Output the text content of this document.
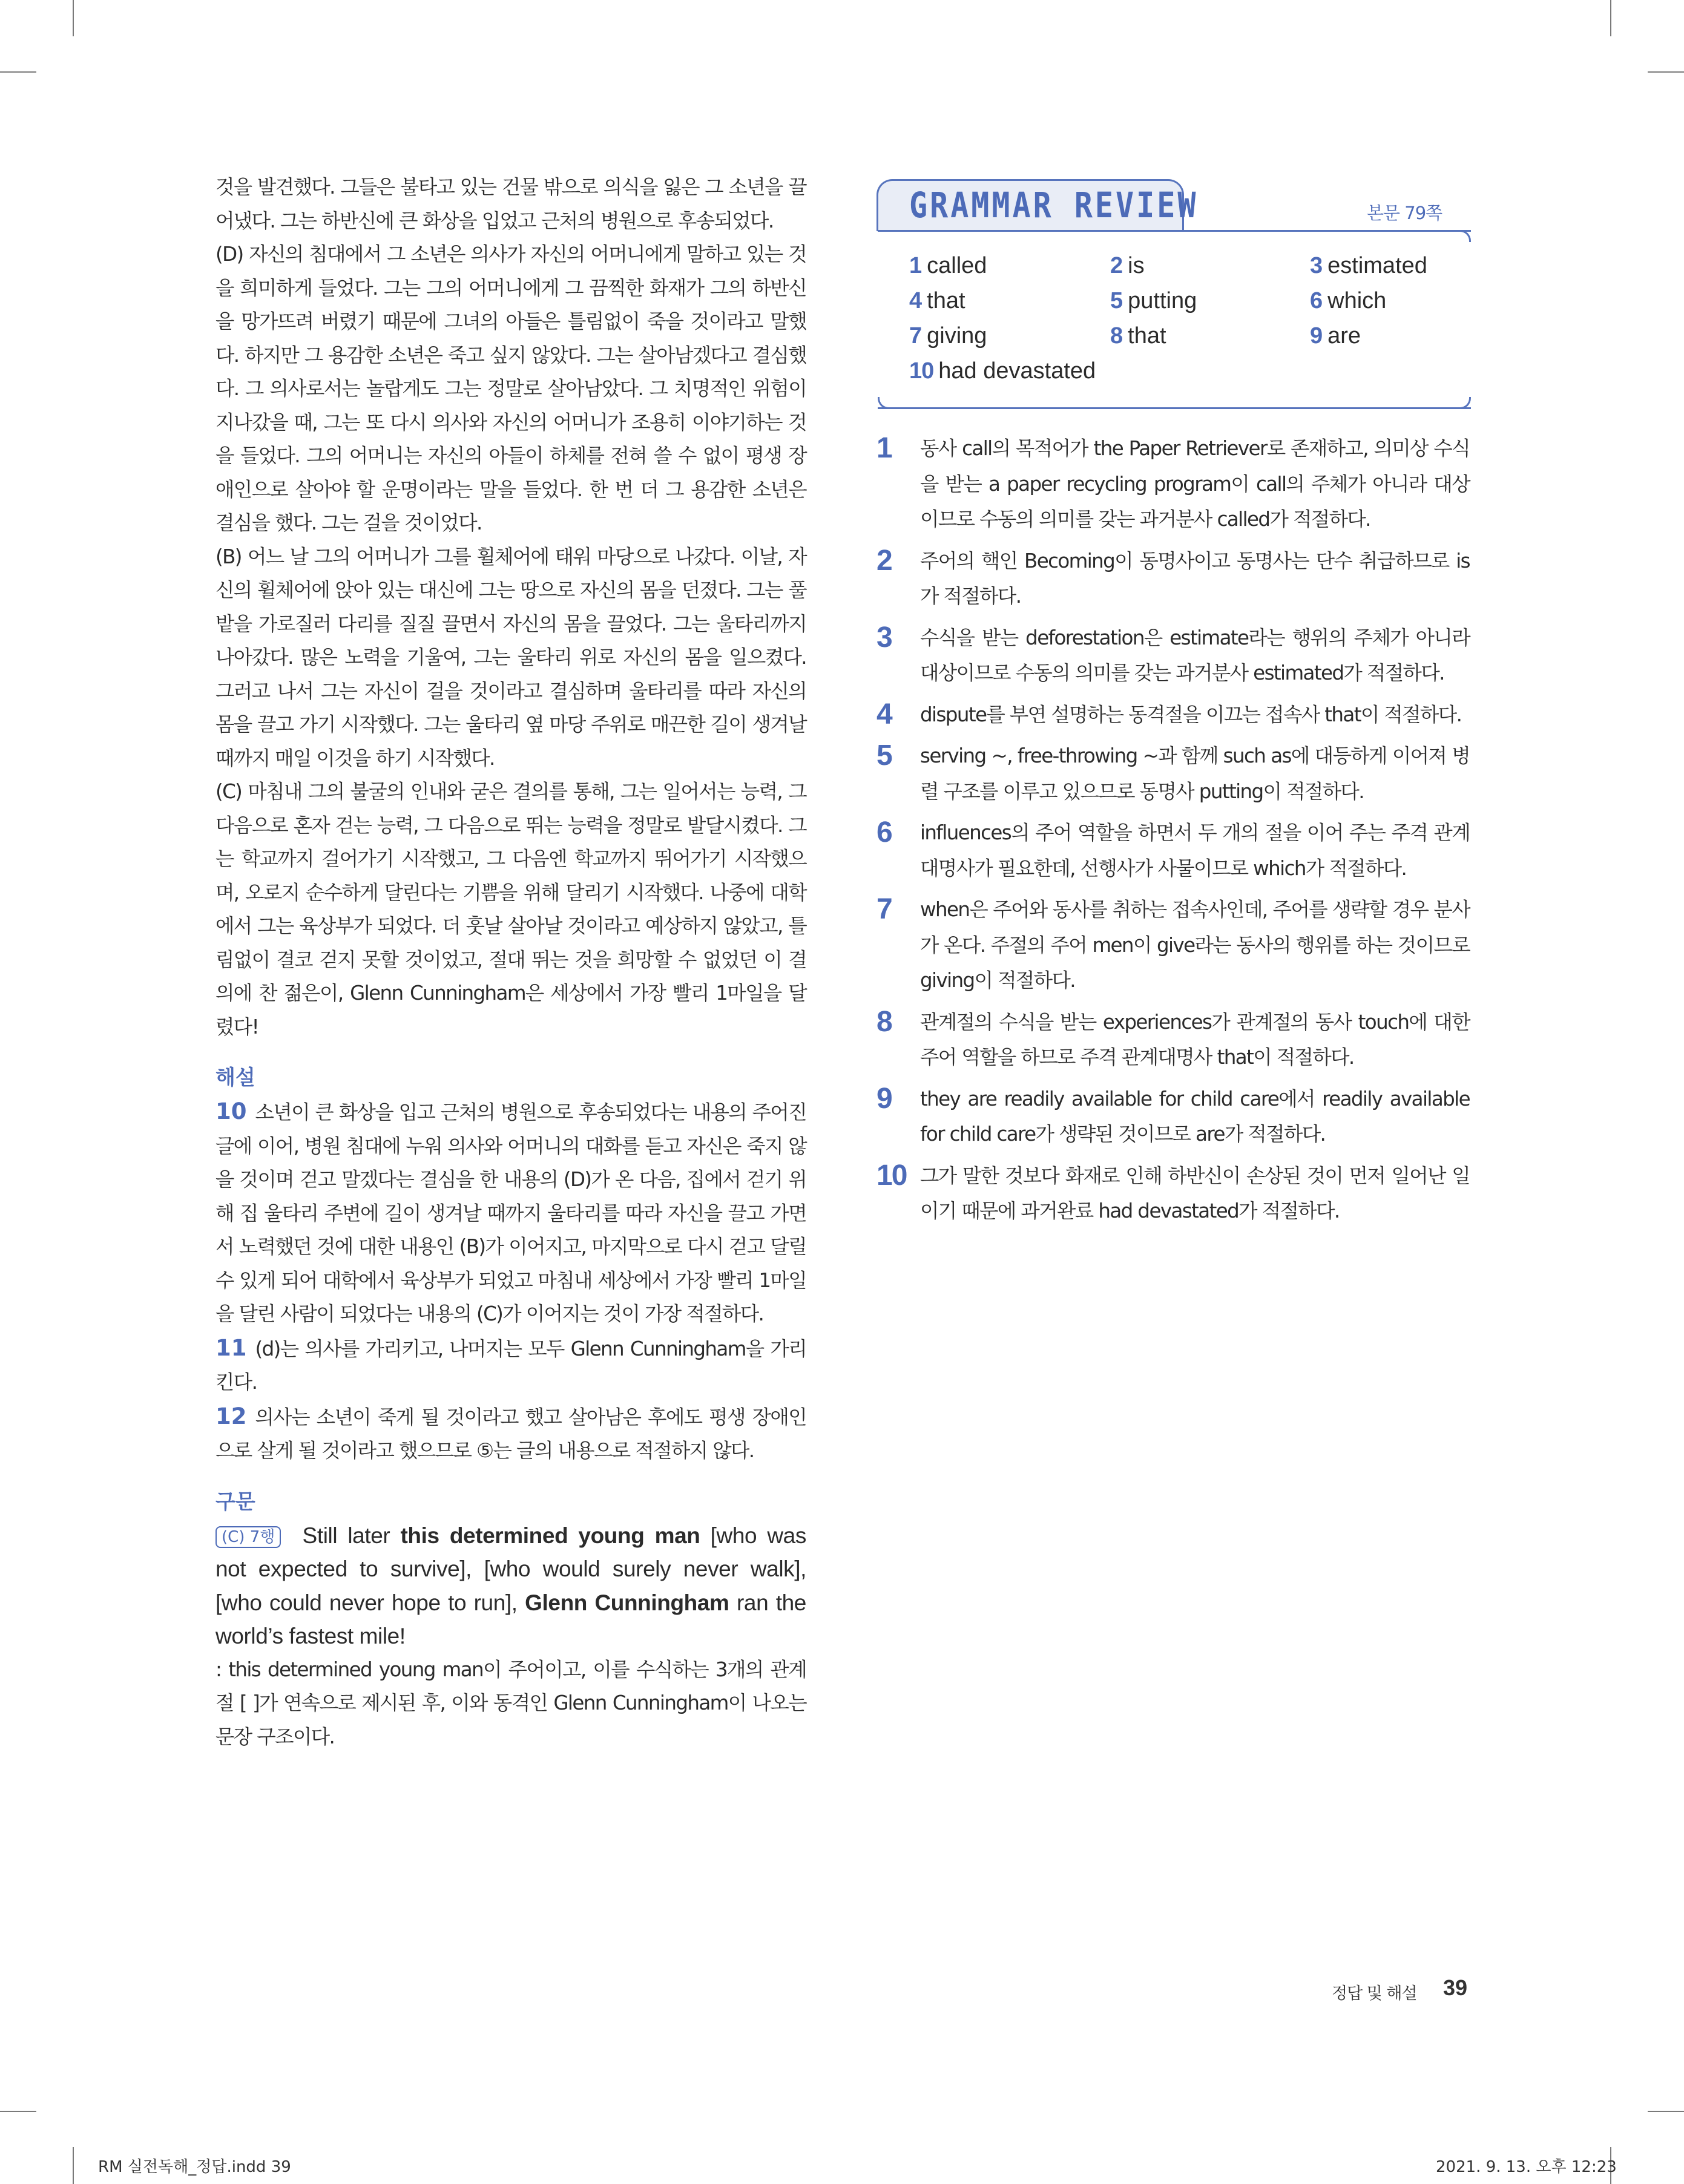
것을 발견했다. 그들은 불타고 있는 건물 밖으로 의식을 잃은 그 소년을 끌어냈다. 그는 하반신에 큰 화상을 입었고 근처의 병원으로 후송되었다.

(D) 자신의 침대에서 그 소년은 의사가 자신의 어머니에게 말하고 있는 것을 희미하게 들었다. 그는 그의 어머니에게 그 끔찍한 화재가 그의 하반신을 망가뜨려 버렸기 때문에 그녀의 아들은 틀림없이 죽을 것이라고 말했다. 하지만 그 용감한 소년은 죽고 싶지 않았다. 그는 살아남겠다고 결심했다. 그 의사로서는 놀랍게도 그는 정말로 살아남았다. 그 치명적인 위험이 지나갔을 때, 그는 또 다시 의사와 자신의 어머니가 조용히 이야기하는 것을 들었다. 그의 어머니는 자신의 아들이 하체를 전혀 쓸 수 없이 평생 장애인으로 살아야 할 운명이라는 말을 들었다. 한 번 더 그 용감한 소년은 결심을 했다. 그는 걸을 것이었다.

(B) 어느 날 그의 어머니가 그를 휠체어에 태워 마당으로 나갔다. 이날, 자신의 휠체어에 앉아 있는 대신에 그는 땅으로 자신의 몸을 던졌다. 그는 풀밭을 가로질러 다리를 질질 끌면서 자신의 몸을 끌었다. 그는 울타리까지 나아갔다. 많은 노력을 기울여, 그는 울타리 위로 자신의 몸을 일으켰다. 그러고 나서 그는 자신이 걸을 것이라고 결심하며 울타리를 따라 자신의 몸을 끌고 가기 시작했다. 그는 울타리 옆 마당 주위로 매끈한 길이 생겨날 때까지 매일 이것을 하기 시작했다.

(C) 마침내 그의 불굴의 인내와 굳은 결의를 통해, 그는 일어서는 능력, 그 다음으로 혼자 걷는 능력, 그 다음으로 뛰는 능력을 정말로 발달시켰다. 그는 학교까지 걸어가기 시작했고, 그 다음엔 학교까지 뛰어가기 시작했으며, 오로지 순수하게 달린다는 기쁨을 위해 달리기 시작했다. 나중에 대학에서 그는 육상부가 되었다. 더 훗날 살아날 것이라고 예상하지 않았고, 틀림없이 결코 걷지 못할 것이었고, 절대 뛰는 것을 희망할 수 없었던 이 결의에 찬 젊은이, Glenn Cunningham은 세상에서 가장 빨리 1마일을 달렸다!

해설

10 소년이 큰 화상을 입고 근처의 병원으로 후송되었다는 내용의 주어진 글에 이어, 병원 침대에 누워 의사와 어머니의 대화를 듣고 자신은 죽지 않을 것이며 걷고 말겠다는 결심을 한 내용의 (D)가 온 다음, 집에서 걷기 위해 집 울타리 주변에 길이 생겨날 때까지 울타리를 따라 자신을 끌고 가면서 노력했던 것에 대한 내용인 (B)가 이어지고, 마지막으로 다시 걷고 달릴 수 있게 되어 대학에서 육상부가 되었고 마침내 세상에서 가장 빨리 1마일을 달린 사람이 되었다는 내용의 (C)가 이어지는 것이 가장 적절하다.

11 (d)는 의사를 가리키고, 나머지는 모두 Glenn Cunningham을 가리킨다.

12 의사는 소년이 죽게 될 것이라고 했고 살아남은 후에도 평생 장애인으로 살게 될 것이라고 했으므로 ⑤는 글의 내용으로 적절하지 않다.

구문

(C) 7행 Still later this determined young man [who was not expected to survive], [who would surely never walk], [who could never hope to run], Glenn Cunningham ran the world’s fastest mile!

: this determined young man이 주어이고, 이를 수식하는 3개의 관계절 [ ]가 연속으로 제시된 후, 이와 동격인 Glenn Cunningham이 나오는 문장 구조이다.

GRAMMAR REVIEW	본문 79쪽
1 called	2 is	3 estimated
4 that	5 putting	6 which
7 giving	8 that	9 are
10 had devastated
1 동사 call의 목적어가 the Paper Retriever로 존재하고, 의미상 수식을 받는 a paper recycling program이 call의 주체가 아니라 대상이므로 수동의 의미를 갖는 과거분사 called가 적절하다.
2 주어의 핵인 Becoming이 동명사이고 동명사는 단수 취급하므로 is가 적절하다.
3 수식을 받는 deforestation은 estimate라는 행위의 주체가 아니라 대상이므로 수동의 의미를 갖는 과거분사 estimated가 적절하다.
4 dispute를 부연 설명하는 동격절을 이끄는 접속사 that이 적절하다.
5 serving ~, free-throwing ~과 함께 such as에 대등하게 이어져 병렬 구조를 이루고 있으므로 동명사 putting이 적절하다.
6 influences의 주어 역할을 하면서 두 개의 절을 이어 주는 주격 관계대명사가 필요한데, 선행사가 사물이므로 which가 적절하다.
7 when은 주어와 동사를 취하는 접속사인데, 주어를 생략할 경우 분사가 온다. 주절의 주어 men이 give라는 동사의 행위를 하는 것이므로 giving이 적절하다.
8 관계절의 수식을 받는 experiences가 관계절의 동사 touch에 대한 주어 역할을 하므로 주격 관계대명사 that이 적절하다.
9 they are readily available for child care에서 readily available for child care가 생략된 것이므로 are가 적절하다.
10 그가 말한 것보다 화재로 인해 하반신이 손상된 것이 먼저 일어난 일이기 때문에 과거완료 had devastated가 적절하다.
정답 및 해설 39
RM 실전독해_정답.indd 39	2021. 9. 13. 오후 12:23
